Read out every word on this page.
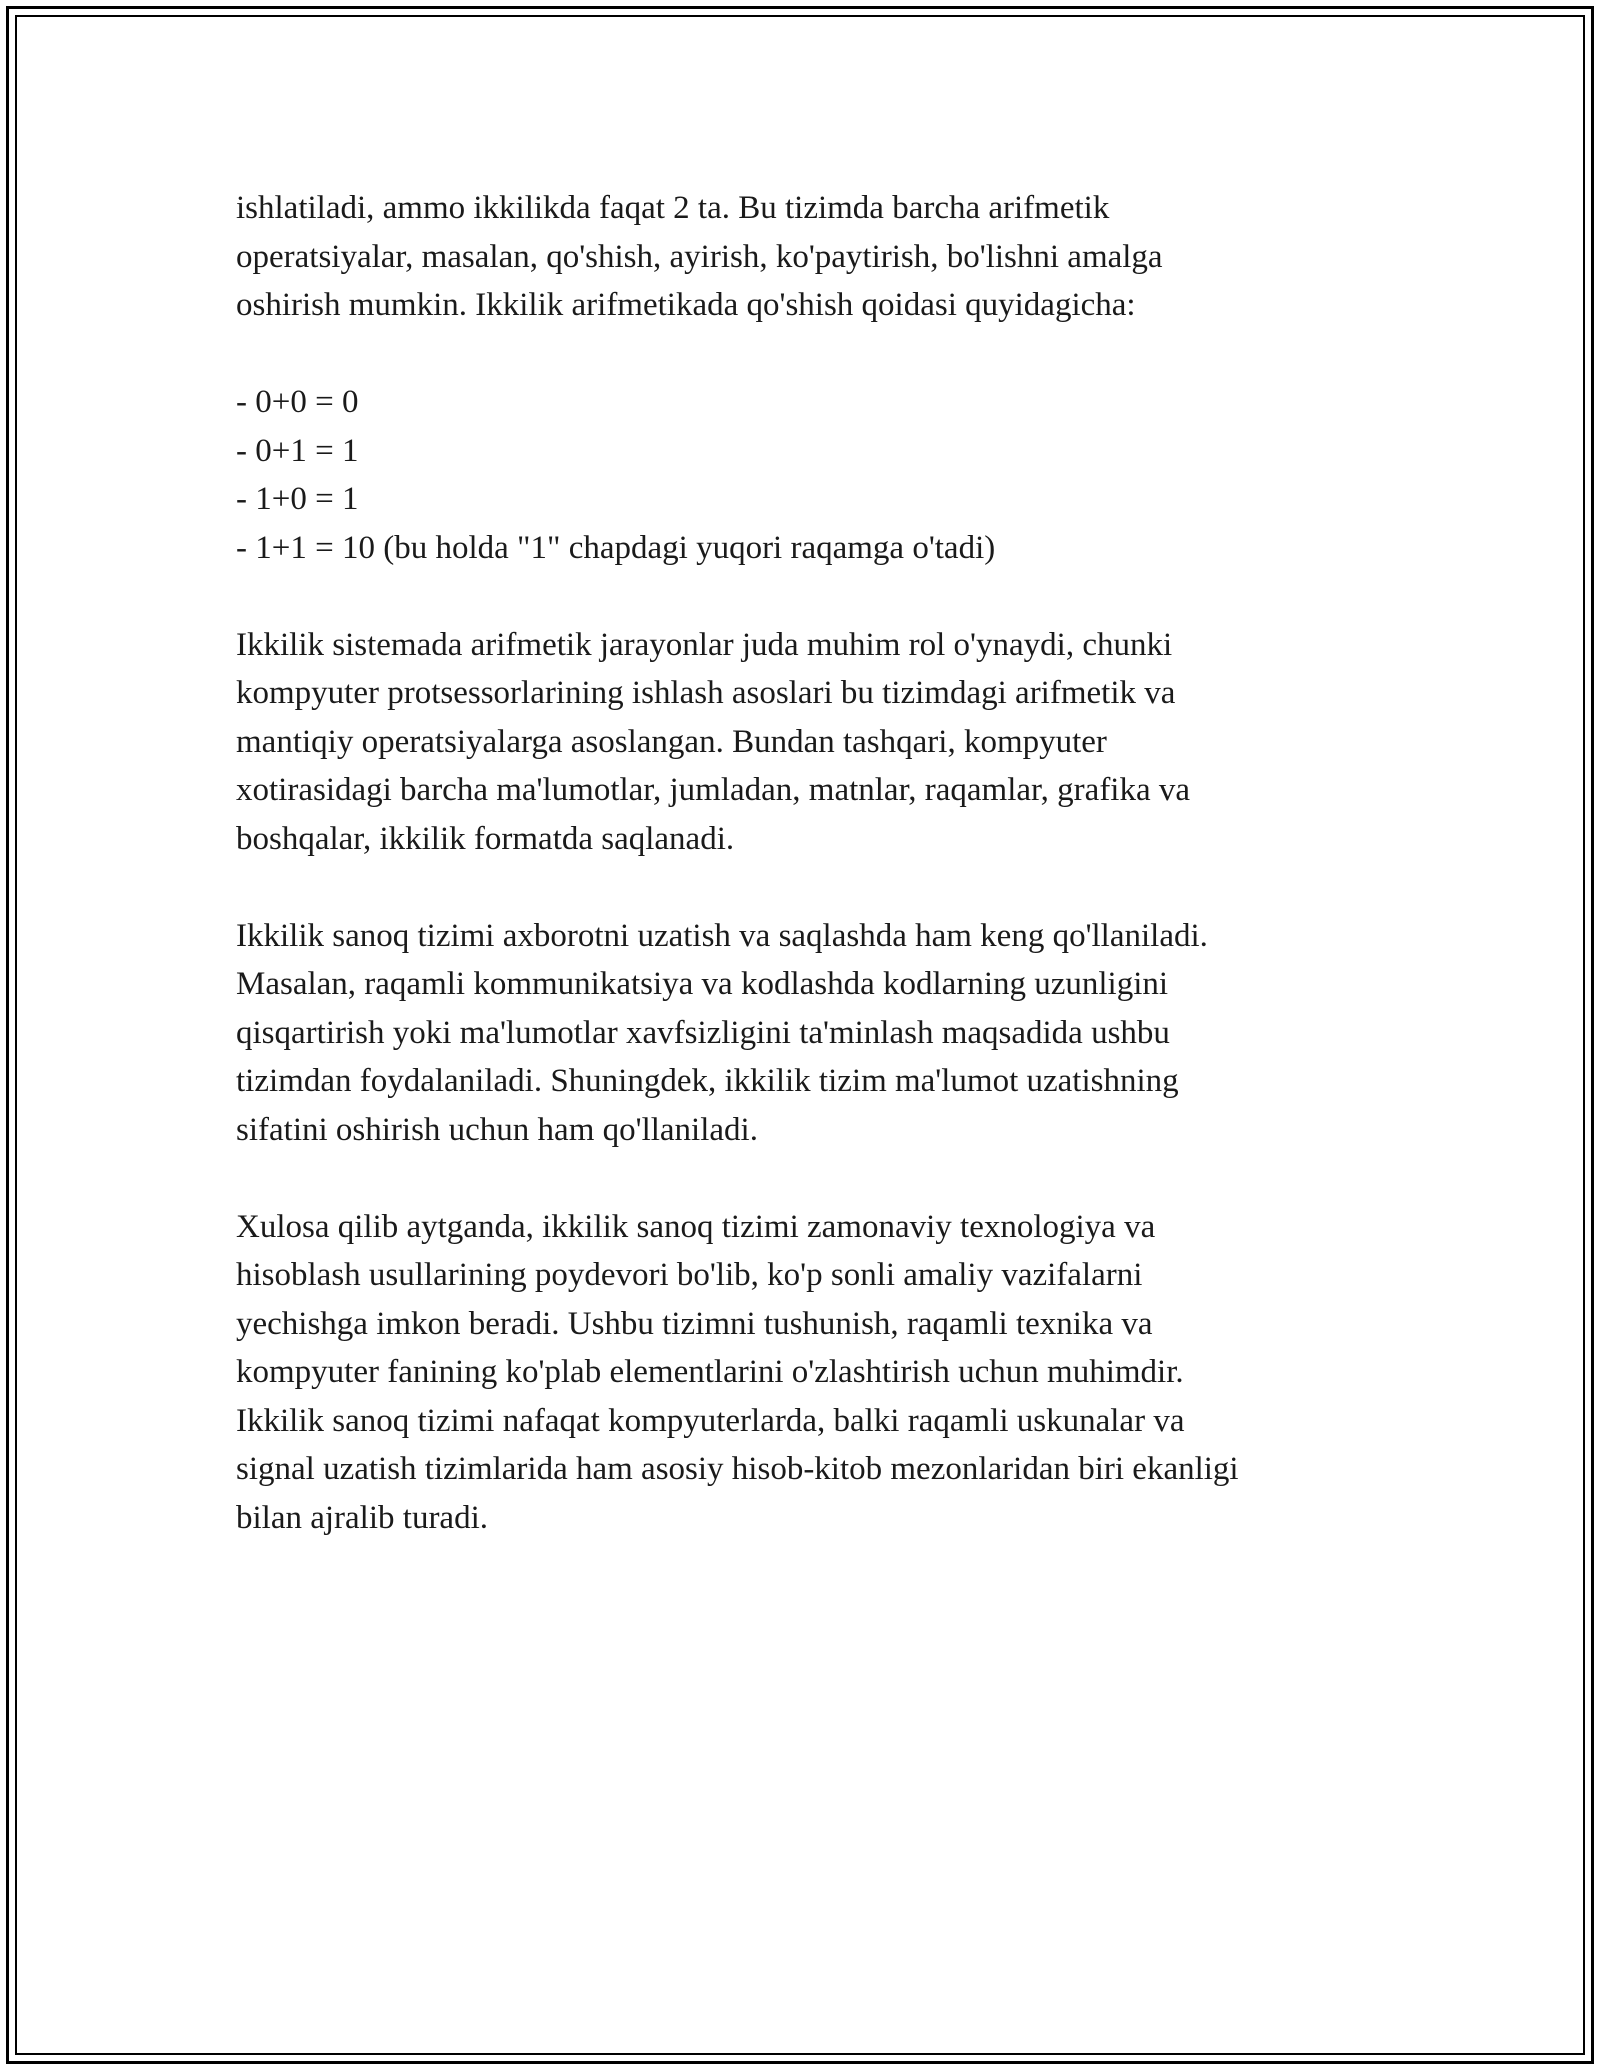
ishlatiladi, ammo ikkilikda faqat 2 ta. Bu tizimda barcha arifmetik
operatsiyalar, masalan, qo'shish, ayirish, ko'paytirish, bo'lishni amalga
oshirish mumkin. Ikkilik arifmetikada qo'shish qoidasi quyidagicha:

- 0+0 = 0

- 0+1 = 1

- 1+0 = 1

- 1+1 = 10 (bu holda "1" chapdagi yuqori raqamga o'tadi)

Ikkilik sistemada arifmetik jarayonlar juda muhim rol o'ynaydi, chunki
kompyuter protsessorlarining ishlash asoslari bu tizimdagi arifmetik va
mantiqiy operatsiyalarga asoslangan. Bundan tashqari, kompyuter
xotirasidagi barcha ma'lumotlar, jumladan, matnlar, raqamlar, grafika va
boshqalar, ikkilik formatda saqlanadi.

Ikkilik sanoq tizimi axborotni uzatish va saqlashda ham keng qo'llaniladi.
Masalan, raqamli kommunikatsiya va kodlashda kodlarning uzunligini
qisqartirish yoki ma'lumotlar xavfsizligini ta'minlash maqsadida ushbu
tizimdan foydalaniladi. Shuningdek, ikkilik tizim ma'lumot uzatishning
sifatini oshirish uchun ham qo'llaniladi.

Xulosa qilib aytganda, ikkilik sanoq tizimi zamonaviy texnologiya va
hisoblash usullarining poydevori bo'lib, ko'p sonli amaliy vazifalarni
yechishga imkon beradi. Ushbu tizimni tushunish, raqamli texnika va
kompyuter fanining ko'plab elementlarini o'zlashtirish uchun muhimdir.
Ikkilik sanoq tizimi nafaqat kompyuterlarda, balki raqamli uskunalar va
signal uzatish tizimlarida ham asosiy hisob-kitob mezonlaridan biri ekanligi
bilan ajralib turadi.
